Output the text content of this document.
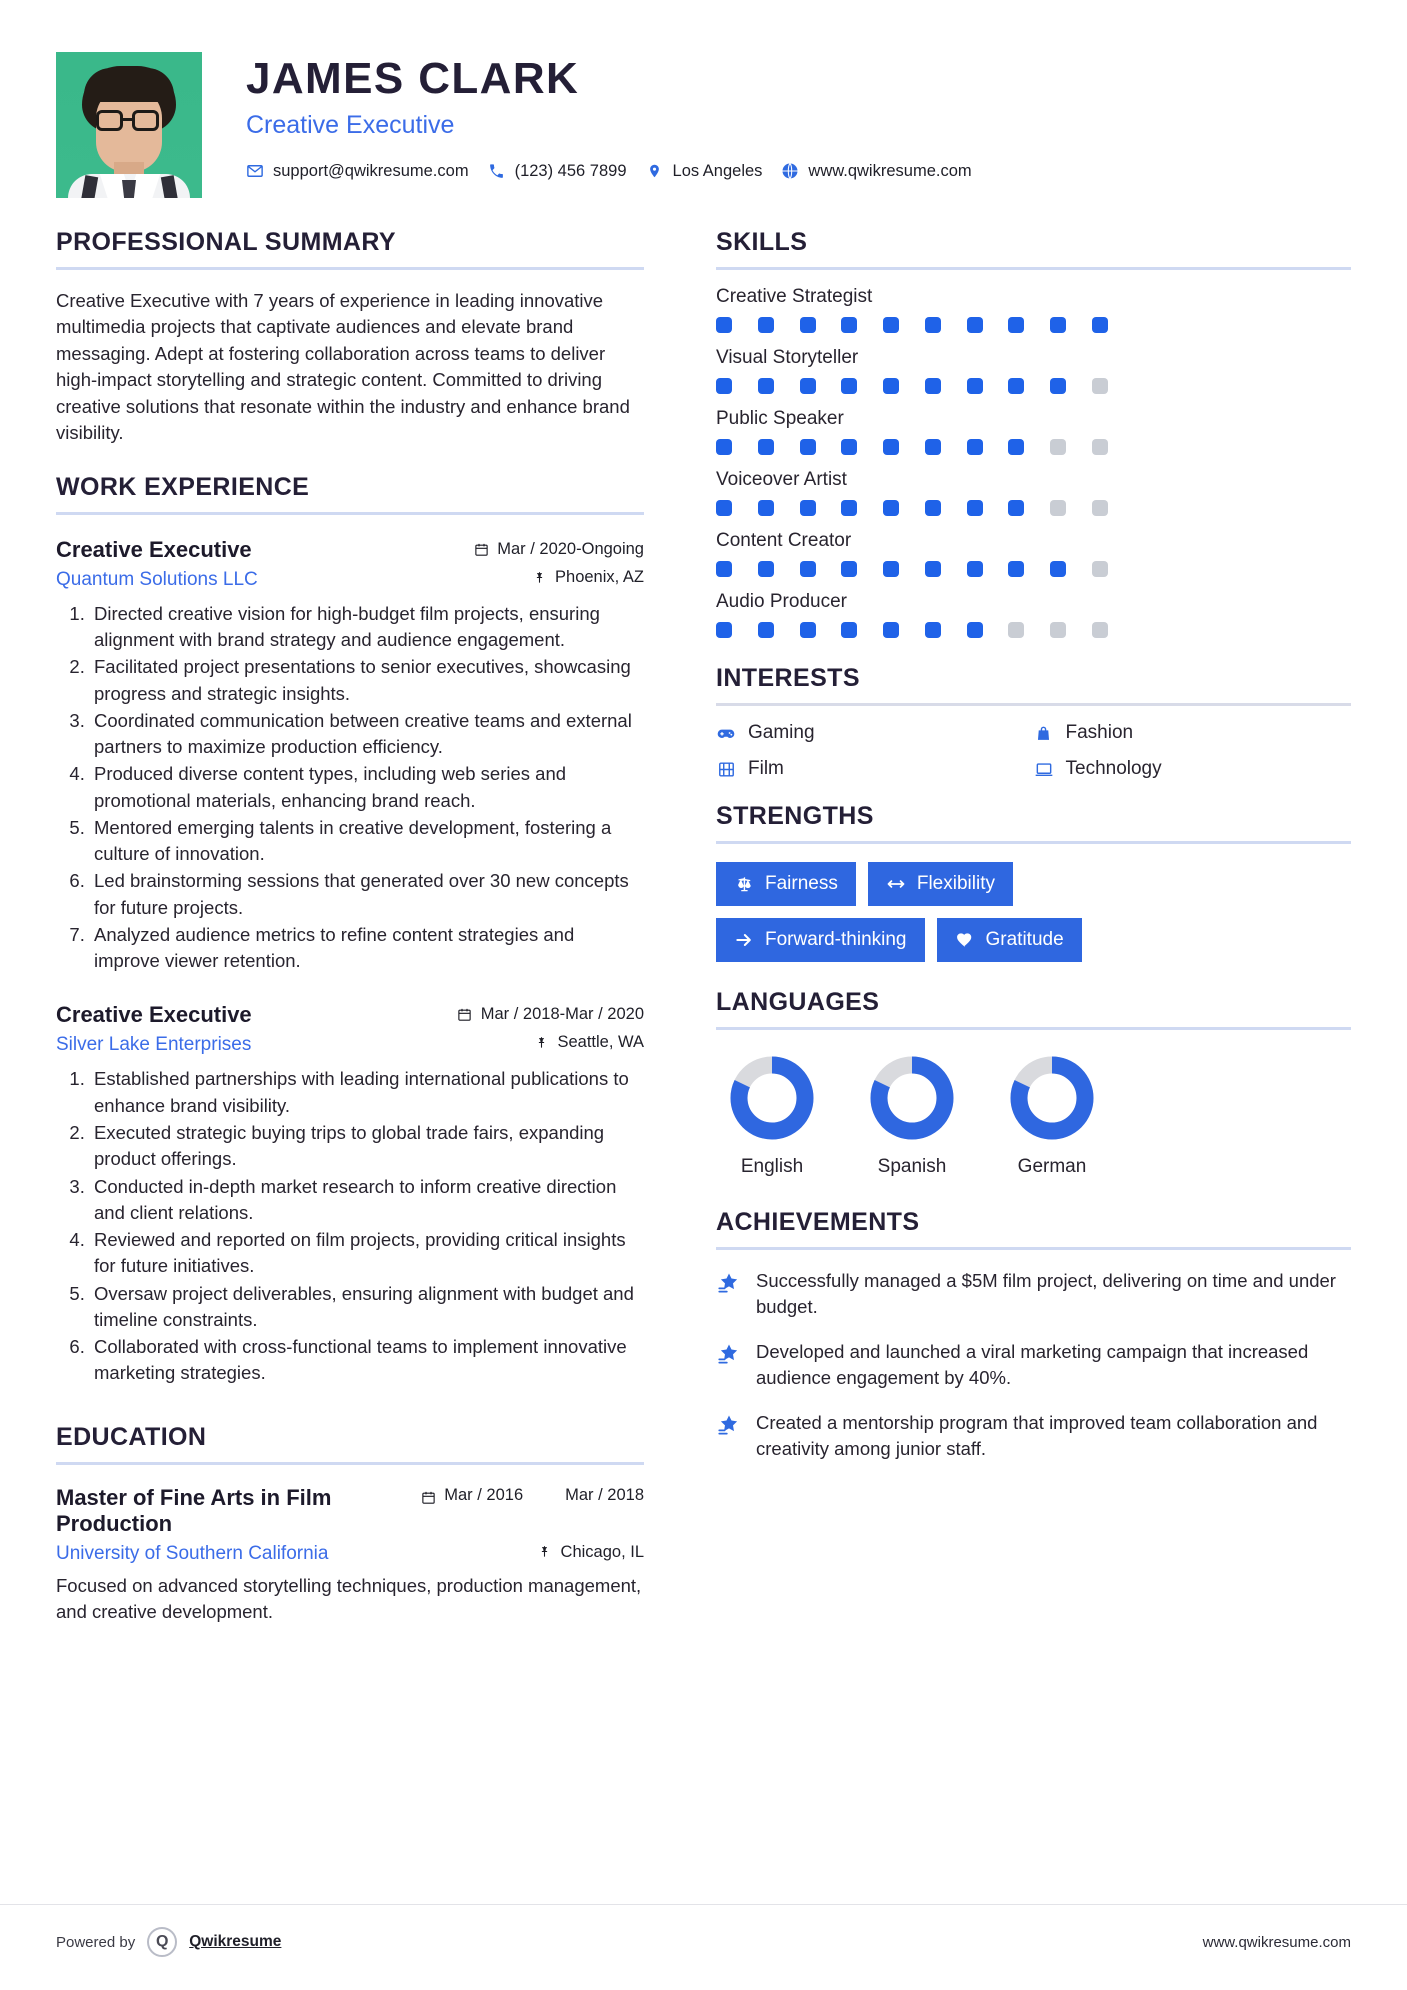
JAMES CLARK
Creative Executive
support@qwikresume.com	(123) 456 7899	Los Angeles	www.qwikresume.com
PROFESSIONAL SUMMARY
Creative Executive with 7 years of experience in leading innovative multimedia projects that captivate audiences and elevate brand messaging. Adept at fostering collaboration across teams to deliver high-impact storytelling and strategic content. Committed to driving creative solutions that resonate within the industry and enhance brand visibility.
WORK EXPERIENCE
Creative Executive	Mar / 2020-Ongoing
Quantum Solutions LLC	Phoenix, AZ
1. Directed creative vision for high-budget film projects, ensuring alignment with brand strategy and audience engagement.
2. Facilitated project presentations to senior executives, showcasing progress and strategic insights.
3. Coordinated communication between creative teams and external partners to maximize production efficiency.
4. Produced diverse content types, including web series and promotional materials, enhancing brand reach.
5. Mentored emerging talents in creative development, fostering a culture of innovation.
6. Led brainstorming sessions that generated over 30 new concepts for future projects.
7. Analyzed audience metrics to refine content strategies and improve viewer retention.
Creative Executive	Mar / 2018-Mar / 2020
Silver Lake Enterprises	Seattle, WA
1. Established partnerships with leading international publications to enhance brand visibility.
2. Executed strategic buying trips to global trade fairs, expanding product offerings.
3. Conducted in-depth market research to inform creative direction and client relations.
4. Reviewed and reported on film projects, providing critical insights for future initiatives.
5. Oversaw project deliverables, ensuring alignment with budget and timeline constraints.
6. Collaborated with cross-functional teams to implement innovative marketing strategies.
EDUCATION
Master of Fine Arts in Film Production
Mar / 2016	Mar / 2018
University of Southern California	Chicago, IL
Focused on advanced storytelling techniques, production management, and creative development.
SKILLS
Creative Strategist
Visual Storyteller
Public Speaker
Voiceover Artist
Content Creator
Audio Producer
INTERESTS
Gaming	Fashion
Film	Technology
STRENGTHS
Fairness	Flexibility
Forward-thinking	Gratitude
LANGUAGES
English	Spanish	German
ACHIEVEMENTS
Successfully managed a $5M film project, delivering on time and under budget.
Developed and launched a viral marketing campaign that increased audience engagement by 40%.
Created a mentorship program that improved team collaboration and creativity among junior staff.
Powered by Q Qwikresume	www.qwikresume.com
